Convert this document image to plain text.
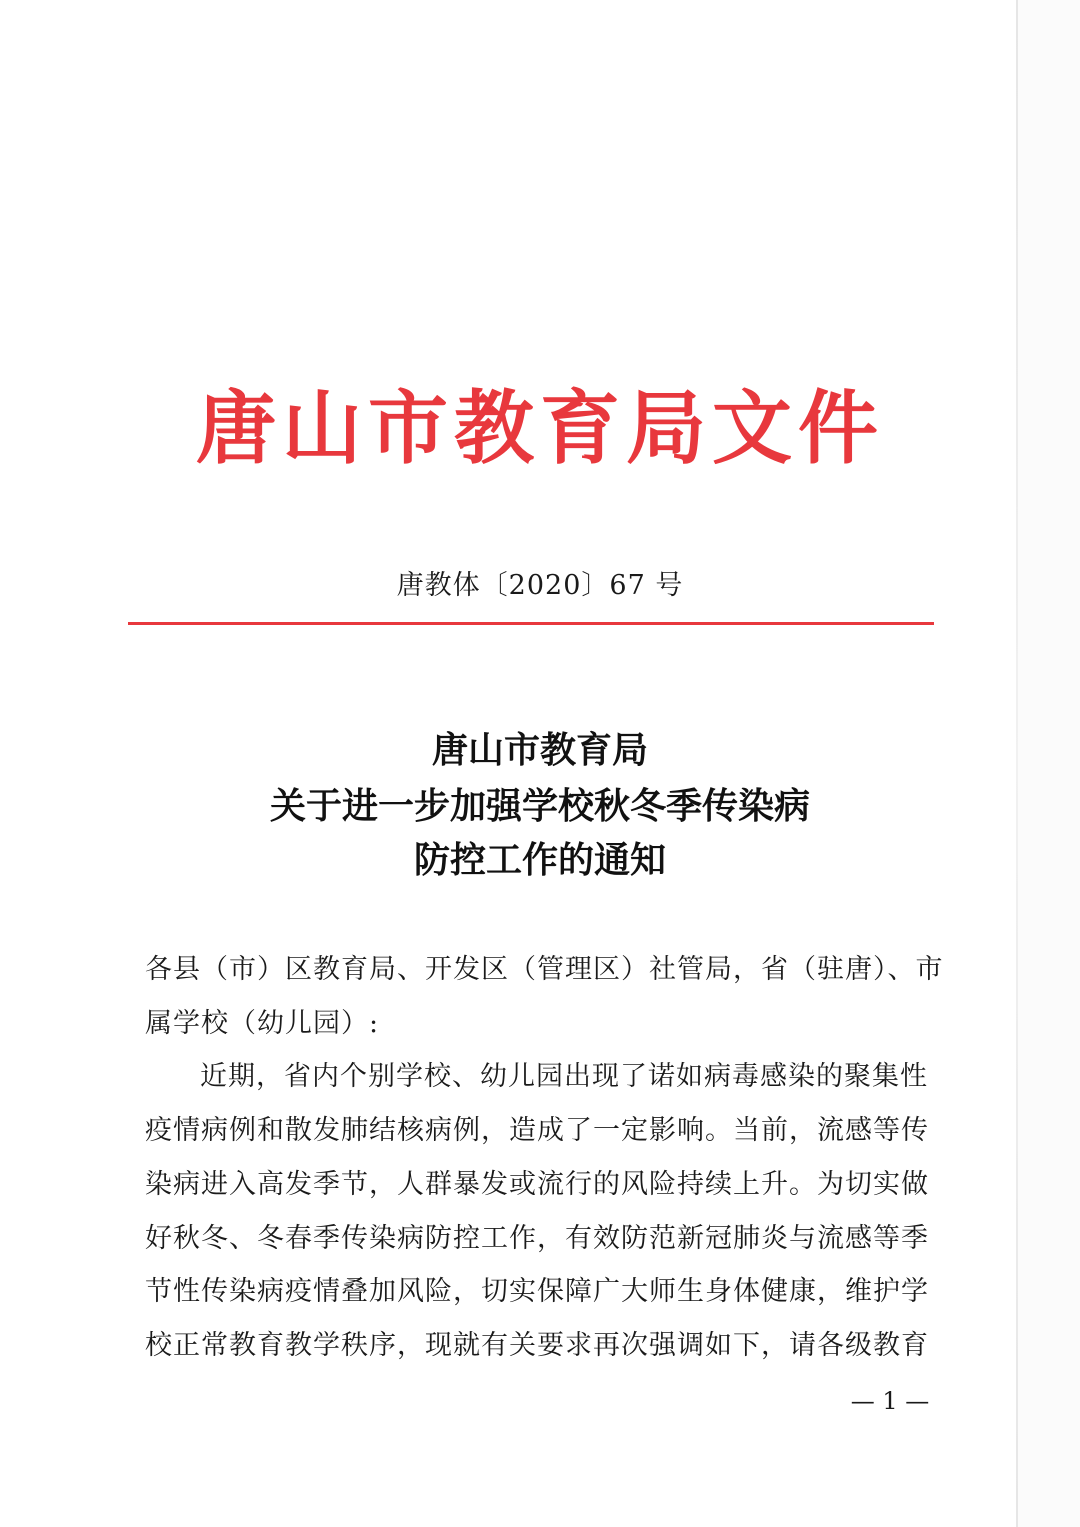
唐山市教育局文件
唐教体〔2020〕67 号
唐山市教育局
关于进一步加强学校秋冬季传染病
防控工作的通知
各县（市）区教育局、开发区（管理区）社管局，省（驻唐）、市
属学校（幼儿园）:
近期，省内个别学校、幼儿园出现了诺如病毒感染的聚集性
疫情病例和散发肺结核病例，造成了一定影响。当前，流感等传
染病进入高发季节，人群暴发或流行的风险持续上升。为切实做
好秋冬、冬春季传染病防控工作，有效防范新冠肺炎与流感等季
节性传染病疫情叠加风险，切实保障广大师生身体健康，维护学
校正常教育教学秩序，现就有关要求再次强调如下，请各级教育
— 1 —
